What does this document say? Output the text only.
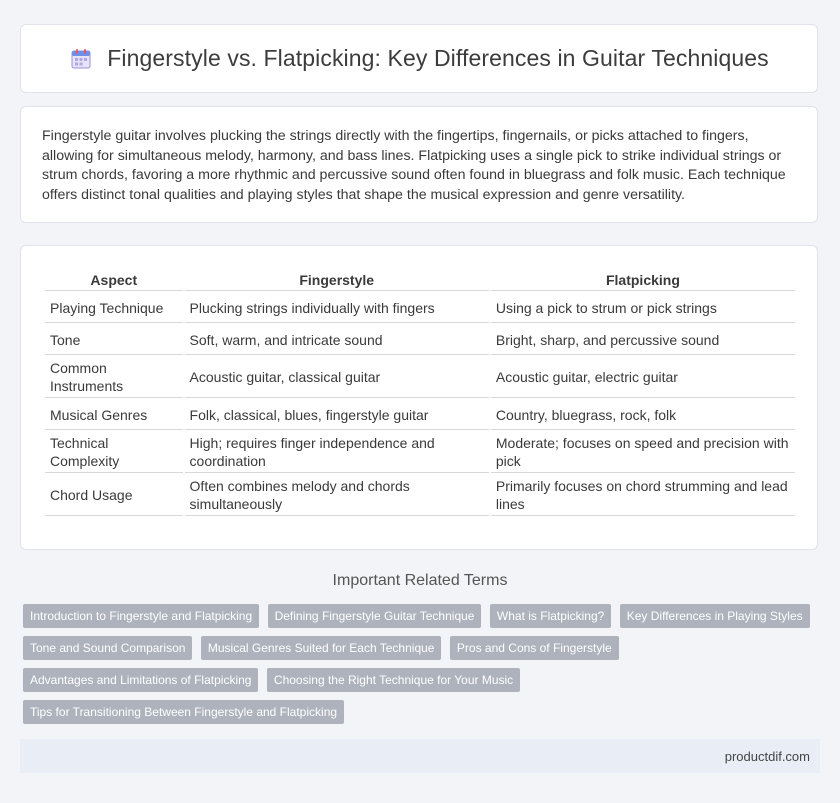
Fingerstyle vs. Flatpicking: Key Differences in Guitar Techniques

Fingerstyle guitar involves plucking the strings directly with the fingertips, fingernails, or picks attached to fingers, allowing for simultaneous melody, harmony, and bass lines. Flatpicking uses a single pick to strike individual strings or strum chords, favoring a more rhythmic and percussive sound often found in bluegrass and folk music. Each technique offers distinct tonal qualities and playing styles that shape the musical expression and genre versatility.

Aspect	Fingerstyle	Flatpicking
Playing Technique	Plucking strings individually with fingers	Using a pick to strum or pick strings
Tone	Soft, warm, and intricate sound	Bright, sharp, and percussive sound
Common Instruments	Acoustic guitar, classical guitar	Acoustic guitar, electric guitar
Musical Genres	Folk, classical, blues, fingerstyle guitar	Country, bluegrass, rock, folk
Technical Complexity	High; requires finger independence and coordination	Moderate; focuses on speed and precision with pick
Chord Usage	Often combines melody and chords simultaneously	Primarily focuses on chord strumming and lead lines
Important Related Terms
Introduction to Fingerstyle and Flatpicking Defining Fingerstyle Guitar Technique What is Flatpicking? Key Differences in Playing Styles
Tone and Sound Comparison Musical Genres Suited for Each Technique Pros and Cons of Fingerstyle
Advantages and Limitations of Flatpicking Choosing the Right Technique for Your Music
Tips for Transitioning Between Fingerstyle and Flatpicking
productdif.com
